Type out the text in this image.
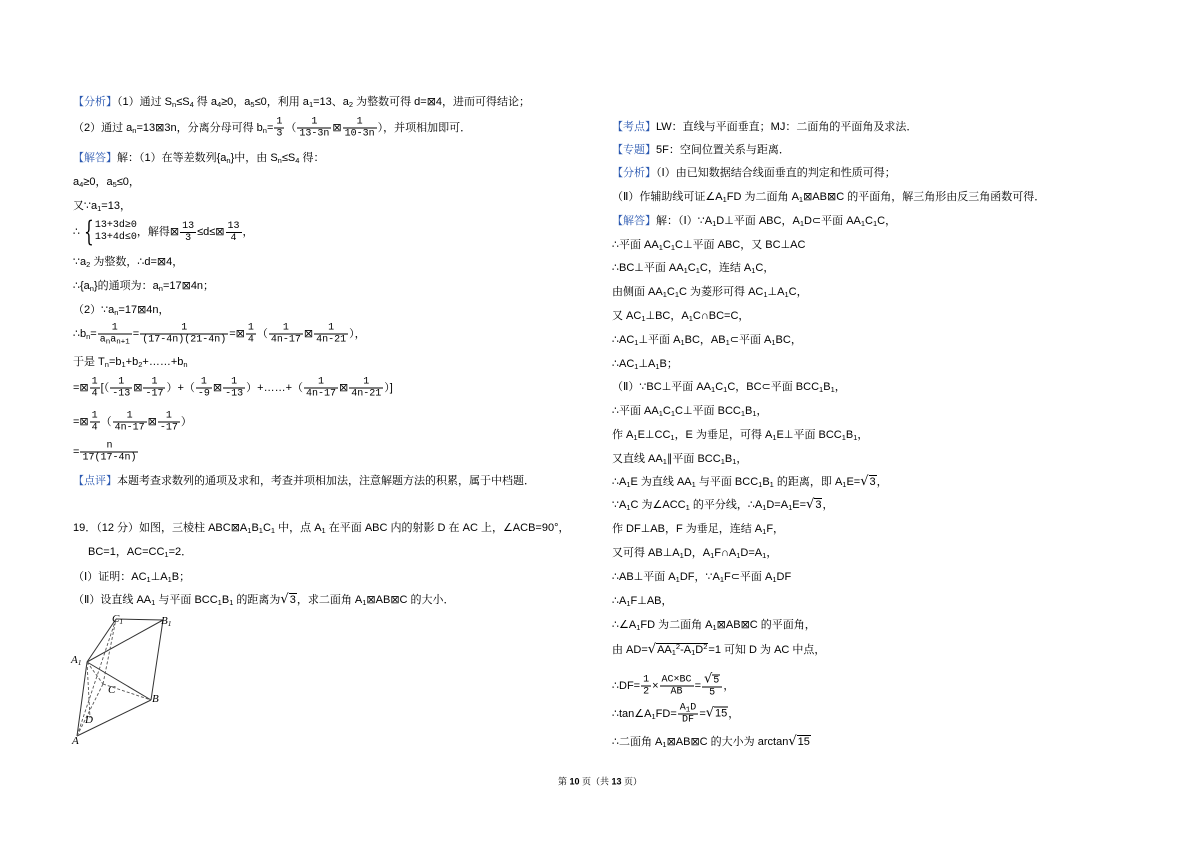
【分析】（1）通过 $S_n\le S_4$ 得 $a_4\ge 0$，$a_5\le 0$，利用 $a_1=13$、$a_2$ 为整数可得 d=⊠4，进而可得结论；
（2）通过 $a_n=13⊠3n$，分离分母可得 $b_n= \frac{1}{3}$ （ $\frac{1}{13-3n}$ ⊠ $\frac{1}{10-3n}$ ），并项相加即可．
【解答】解：（1）在等差数列$\{a_n\}$中，由 $S_n\le S_4$ 得：
$a_4\ge 0$，$a_5\le 0$，
又$\because a_1=13$，
∴ { 13+3d≥0
13+4d≤0 ，解得⊠ $\frac{13}{3}$ ≤d≤⊠ $\frac{13}{4}$ ，
$\because a_2$ 为整数，∴d=⊠4，
$\therefore\{a_n\}$的通项为：$a_n=17⊠4n$；
$(2)\because a_n=17⊠4n$，
$\therefore b_n= \frac{1}{a_na_{n+1}} = \frac{1}{(17-4n)(21-4n)}$ =⊠ $\frac{1}{4}$ （ $\frac{1}{4n-17}$ ⊠ $\frac{1}{4n-21}$ ），
于是 $T_n=b_1+b_2+\dots\dots+b_n$
=⊠ $\frac{1}{4}$ [（ $\frac{1}{-13}$ ⊠ $\frac{1}{-17}$ ）+（ $\frac{1}{-9}$ ⊠ $\frac{1}{-13}$ ）+……+（ $\frac{1}{4n-17}$ ⊠ $\frac{1}{4n-21}$ ）]
=⊠ $\frac{1}{4}$ （ $\frac{1}{4n-17}$ ⊠ $\frac{1}{-17}$ ）
= $\frac{n}{17(17-4n)}$
【点评】本题考查求数列的通项及求和，考查并项相加法，注意解题方法的积累，属于中档题．
19．（12 分）如图，三棱柱 $ABC⊠A_1B_1C_1$ 中，点 $A_1$ 在平面 ABC 内的射影 D 在 AC 上，∠ACB=90°，
BC=1，$AC=CC_1=2$．
（Ⅰ）证明：$AC_1\perp A_1B$；
（Ⅱ）设直线 $AA_1$ 与平面 $BCC_1B_1$ 的距离为√3，求二面角 $A_1⊠AB⊠C$ 的大小．
$C_1$	$B_1$
$A_1$
C
B
D
A
【考点】LW：直线与平面垂直；MJ：二面角的平面角及求法．
【专题】5F：空间位置关系与距离．
【分析】（Ⅰ）由已知数据结合线面垂直的判定和性质可得；
（Ⅱ）作辅助线可证$\angle A_1FD$ 为二面角 $A_1⊠AB⊠C$ 的平面角，解三角形由反三角函数可得．
【解答】解：$(Ⅰ)\because A_1D\perp$平面 ABC，$A_1D\subset$平面 $AA_1C_1C$，
∴平面 $AA_1C_1C\perp$平面 ABC，又 BC⊥AC
∴BC⊥平面 $AA_1C_1C$，连结 $A_1C$，
由侧面 $AA_1C_1C$ 为菱形可得 $AC_1\perp A_1C$，
又 $AC_1\perp BC$，$A_1C\cap BC=C$，
$\therefore AC_1\perp$平面 $A_1BC$，$AB_1\subset$平面 $A_1BC$，
$\therefore AC_1\perp A_1B$；
（Ⅱ）∵BC⊥平面 $AA_1C_1C$，BC⊂平面 $BCC_1B_1$，
∴平面 $AA_1C_1C\perp$平面 $BCC_1B_1$，
作 $A_1E\perp CC_1$，E 为垂足，可得 $A_1E\perp$平面 $BCC_1B_1$，
又直线 $AA_1\parallel$平面 $BCC_1B_1$，
$\therefore A_1E$ 为直线 $AA_1$ 与平面 $BCC_1B_1$ 的距离，即 $A_1E=√3$，
$\because A_1C$ 为$\angle ACC_1$ 的平分线，$\therefore A_1D=A_1E=√3$，
作 DF⊥AB，F 为垂足，连结 $A_1F$，
又可得 $AB\perp A_1D$，$A_1F\cap A_1D=A_1$，
∴AB⊥平面 $A_1DF$，$\because A_1F\subset$平面 $A_1DF$
$\therefore A_1F\perp AB$，
$\therefore\angle A_1FD$ 为二面角 $A_1⊠AB⊠C$ 的平面角，
由 $AD=√AA_1^2-A_1D^2=1$ 可知 D 为 AC 中点，
∴DF= $\frac{1}{2} \times \frac{AC\times BC}{AB} = \frac{√5}{5}$ ，
$\therefore\tan\angle A_1FD= \frac{A_1D}{DF} =√15$，
∴二面角 $A_1⊠AB⊠C$ 的大小为 arctan√15
第 10 页（共 13 页）
